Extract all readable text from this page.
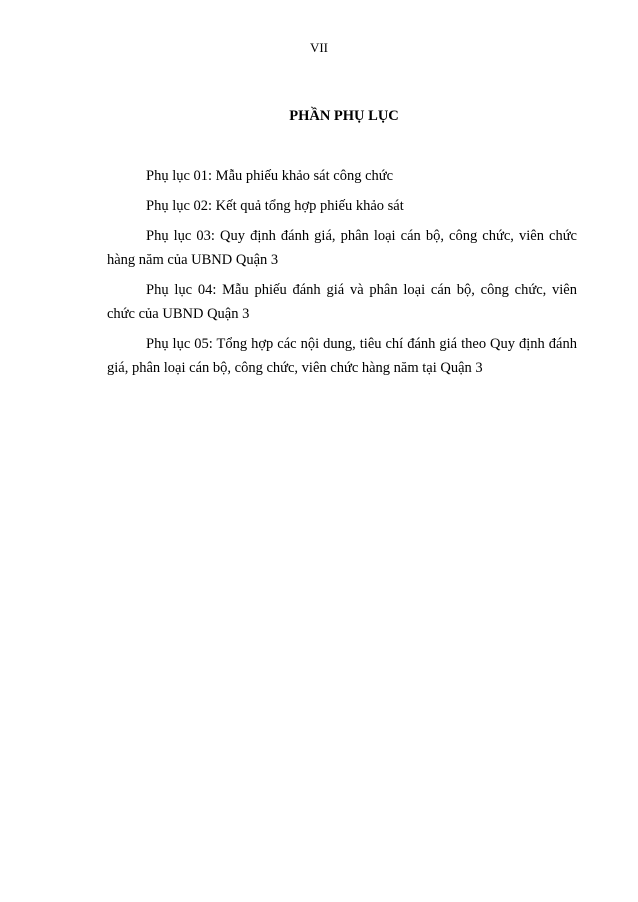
VII
PHẦN PHỤ LỤC
Phụ lục 01: Mẫu phiếu khảo sát công chức
Phụ lục 02: Kết quả tổng hợp phiếu khảo sát
Phụ lục 03: Quy định đánh giá, phân loại cán bộ, công chức, viên chức hàng năm của UBND Quận 3
Phụ lục 04: Mẫu phiếu đánh giá và phân loại cán bộ, công chức, viên chức của UBND Quận 3
Phụ lục 05: Tổng hợp các nội dung, tiêu chí đánh giá theo Quy định đánh giá, phân loại cán bộ, công chức, viên chức hàng năm tại Quận 3
